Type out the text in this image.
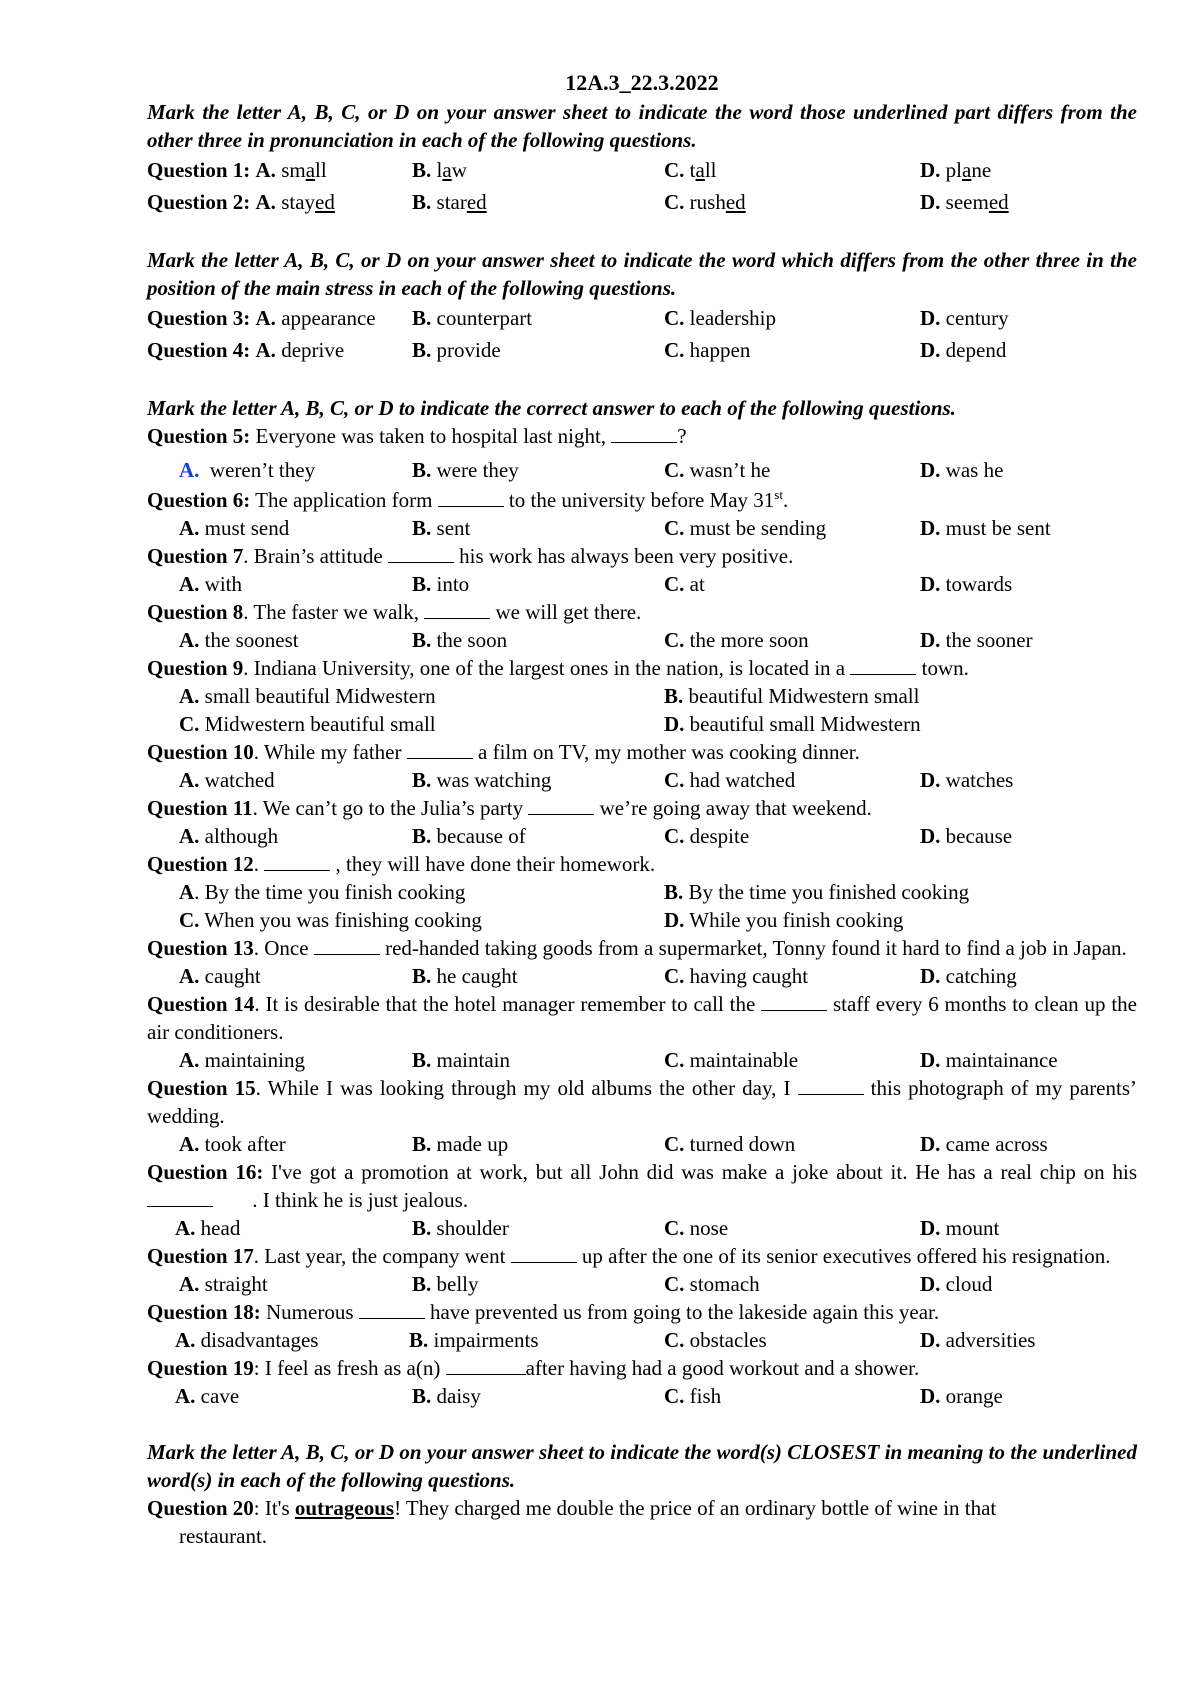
12A.3_22.3.2022
Mark the letter A, B, C, or D on your answer sheet to indicate the word those underlined part differs from the other three in pronunciation in each of the following questions.
Question 1: A. small	B. law	C. tall	D. plane
Question 2: A. stayed	B. stared	C. rushed	D. seemed
Mark the letter A, B, C, or D on your answer sheet to indicate the word which differs from the other three in the position of the main stress in each of the following questions.
Question 3: A. appearance B. counterpart	C. leadership	D. century
Question 4: A. deprive	B. provide	C. happen	D. depend
Mark the letter A, B, C, or D to indicate the correct answer to each of the following questions.
Question 5: Everyone was taken to hospital last night,	?
A. weren’t they	B. were they	C. wasn’t he	D. was he
Question 6: The application form	to the university before May 31st.
A. must send	B. sent	C. must be sending	D. must be sent
Question 7. Brain’s attitude	his work has always been very positive.
A. with	B. into	C. at	D. towards
Question 8. The faster we walk,	we will get there.
A. the soonest	B. the soon	C. the more soon	D. the sooner
Question 9. Indiana University, one of the largest ones in the nation, is located in a	town.
A. small beautiful Midwestern	B. beautiful Midwestern small
C. Midwestern beautiful small	D. beautiful small Midwestern
Question 10. While my father	a film on TV, my mother was cooking dinner.
A. watched	B. was watching	C. had watched	D. watches
Question 11. We can’t go to the Julia’s party	we’re going away that weekend.
A. although	B. because of	C. despite	D. because
Question 12.	, they will have done their homework.
A. By the time you finish cooking	B. By the time you finished cooking
C. When you was finishing cooking	D. While you finish cooking
Question 13. Once	red-handed taking goods from a supermarket, Tonny found it hard to find a job in Japan.
A. caught	B. he caught	C. having caught	D. catching
Question 14. It is desirable that the hotel manager remember to call the	staff every 6 months to clean up the air conditioners.
A. maintaining	B. maintain	C. maintainable	D. maintainance
Question 15. While I was looking through my old albums the other day, I	this photograph of my parents’ wedding.
A. took after	B. made up	C. turned down	D. came across
Question 16: I've got a promotion at work, but all John did was make a joke about it. He has a real chip on his  . I think he is just jealous.
A. head	B. shoulder	C. nose	D. mount
Question 17. Last year, the company went	up after the one of its senior executives offered his resignation.
A. straight	B. belly	C. stomach	D. cloud
Question 18: Numerous	have prevented us from going to the lakeside again this year.
A. disadvantages	B. impairments	C. obstacles	D. adversities
Question 19: I feel as fresh as a(n)	after having had a good workout and a shower.
A. cave	B. daisy	C. fish	D. orange
Mark the letter A, B, C, or D on your answer sheet to indicate the word(s) CLOSEST in meaning to the underlined word(s) in each of the following questions.
Question 20: It's outrageous! They charged me double the price of an ordinary bottle of wine in that
restaurant.
